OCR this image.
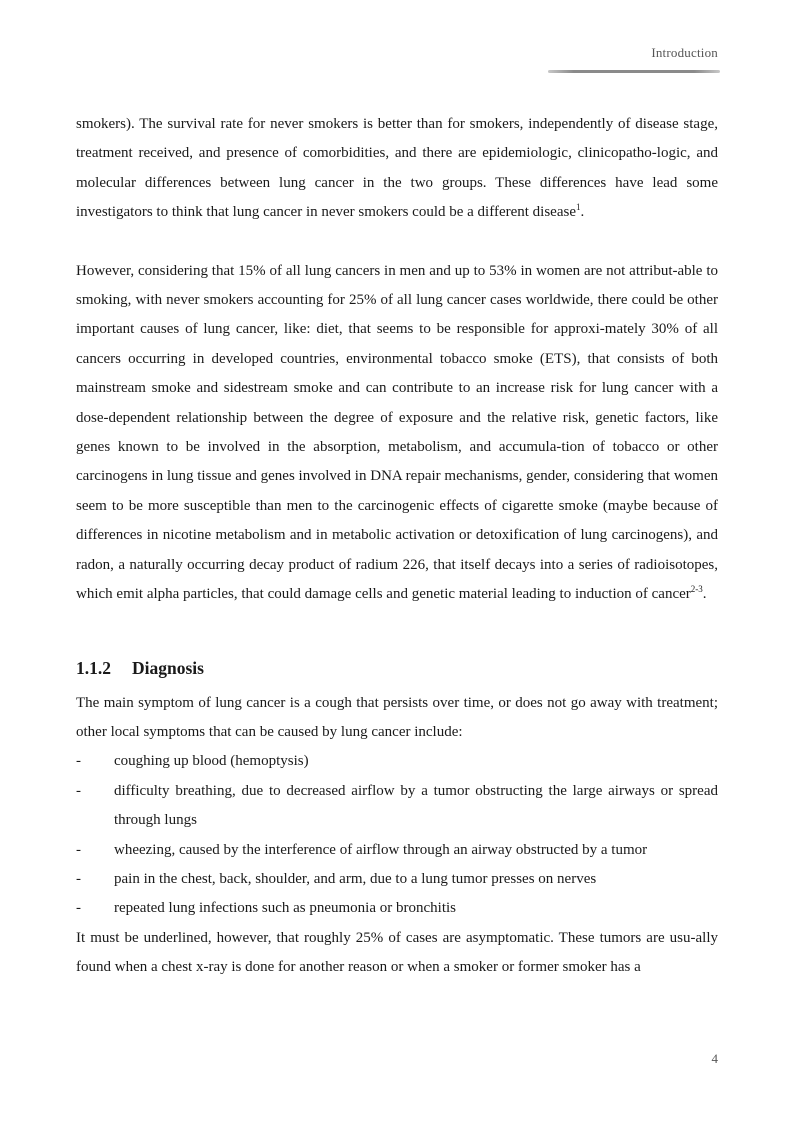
Introduction

smokers). The survival rate for never smokers is better than for smokers, independently of disease stage, treatment received, and presence of comorbidities, and there are epidemiologic, clinicopatho-logic, and molecular differences between lung cancer in the two groups. These differences have lead some investigators to think that lung cancer in never smokers could be a different disease$^1$.

However, considering that 15% of all lung cancers in men and up to 53% in women are not attribut-able to smoking, with never smokers accounting for 25% of all lung cancer cases worldwide, there could be other important causes of lung cancer, like: diet, that seems to be responsible for approxi-mately 30% of all cancers occurring in developed countries, environmental tobacco smoke (ETS), that consists of both mainstream smoke and sidestream smoke and can contribute to an increase risk for lung cancer with a dose-dependent relationship between the degree of exposure and the relative risk, genetic factors, like genes known to be involved in the absorption, metabolism, and accumula-tion of tobacco or other carcinogens in lung tissue and genes involved in DNA repair mechanisms, gender, considering that women seem to be more susceptible than men to the carcinogenic effects of cigarette smoke (maybe because of differences in nicotine metabolism and in metabolic activation or detoxification of lung carcinogens), and radon, a naturally occurring decay product of radium 226, that itself decays into a series of radioisotopes, which emit alpha particles, that could damage cells and genetic material leading to induction of cancer$^{2-3}$.

1.1.2	Diagnosis

The main symptom of lung cancer is a cough that persists over time, or does not go away with treatment; other local symptoms that can be caused by lung cancer include:

-	coughing up blood (hemoptysis)
-	difficulty breathing, due to decreased airflow by a tumor obstructing the large airways or spread through lungs
-	wheezing, caused by the interference of airflow through an airway obstructed by a tumor
-	pain in the chest, back, shoulder, and arm, due to a lung tumor presses on nerves
-	repeated lung infections such as pneumonia or bronchitis

It must be underlined, however, that roughly 25% of cases are asymptomatic. These tumors are usu-ally found when a chest x-ray is done for another reason or when a smoker or former smoker has a

4
